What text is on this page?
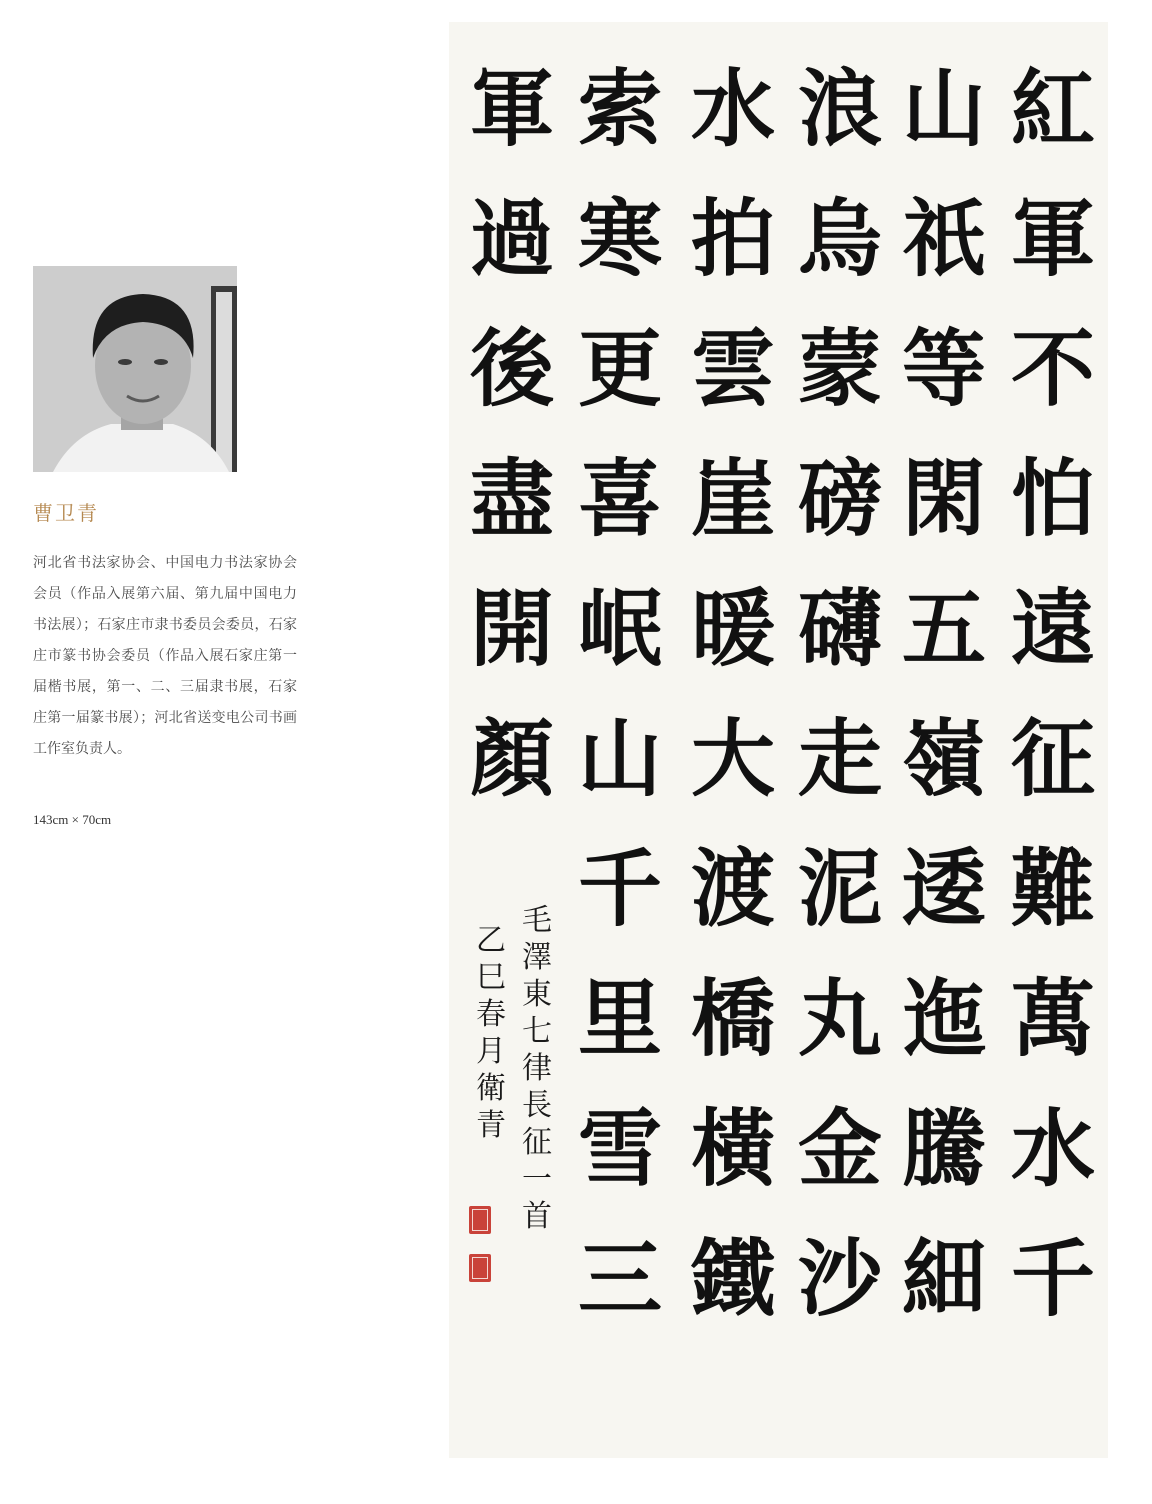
曹卫青
河北省书法家协会、中国电力书法家协会会员（作品入展第六届、第九届中国电力书法展）；石家庄市隶书委员会委员，石家庄市篆书协会委员（作品入展石家庄第一届楷书展，第一、二、三届隶书展，石家庄第一届篆书展）；河北省送变电公司书画工作室负责人。
143cm × 70cm
紅
軍
不
怕
遠
征
難
萬
水
千
山
祇
等
閑
五
嶺
逶
迤
騰
細
浪
烏
蒙
磅
礴
走
泥
丸
金
沙
水
拍
雲
崖
暖
大
渡
橋
橫
鐵
索
寒
更
喜
岷
山
千
里
雪
三
軍
過
後
盡
開
顏
毛澤東七律長征一首
乙巳春月衛青
